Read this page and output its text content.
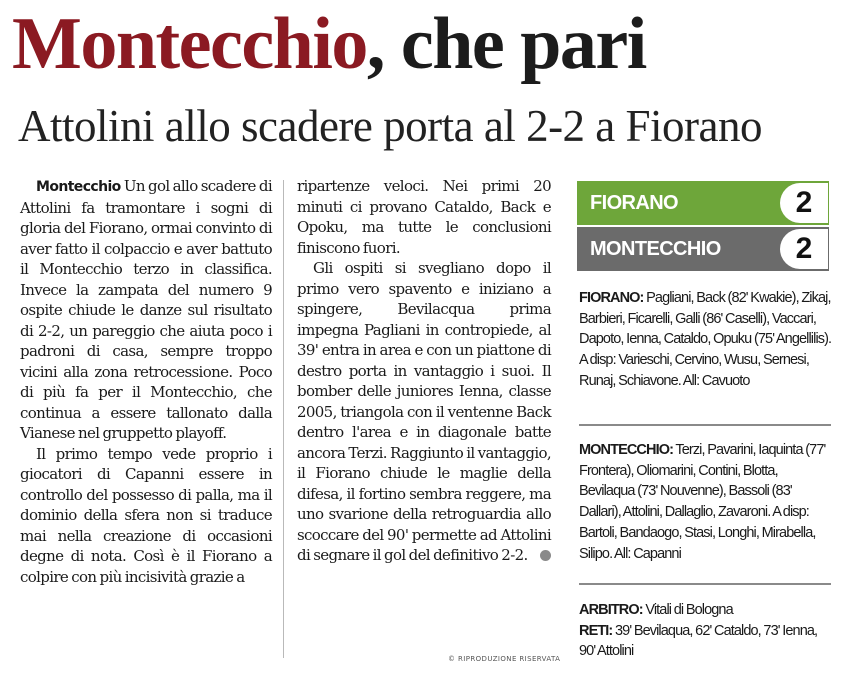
Montecchio, che pari
Attolini allo scadere porta al 2-2 a Fiorano

Montecchio Un gol allo scadere di Attolini fa tramontare i sogni di gloria del Fiorano, ormai convinto di aver fatto il colpaccio e aver battuto il Montecchio terzo in classifica. Invece la zampata del numero 9 ospite chiude le danze sul risultato di 2-2, un pareggio che aiuta poco i padroni di casa, sempre troppo vicini alla zona retrocessione. Poco di più fa per il Montecchio, che continua a essere tallonato dalla Vianese nel gruppetto playoff.

Il primo tempo vede proprio i giocatori di Capanni essere in controllo del possesso di palla, ma il dominio della sfera non si traduce mai nella creazione di occasioni degne di nota. Così è il Fiorano a colpire con più incisività grazie a

ripartenze veloci. Nei primi 20 minuti ci provano Cataldo, Back e Opoku, ma tutte le conclusioni finiscono fuori.

Gli ospiti si svegliano dopo il primo vero spavento e iniziano a spingere, Bevilacqua prima impegna Pagliani in contropiede, al 39' entra in area e con un piattone di destro porta in vantaggio i suoi. Il bomber delle juniores Ienna, classe 2005, triangola con il ventenne Back dentro l'area e in diagonale batte ancora Terzi. Raggiunto il vantaggio, il Fiorano chiude le maglie della difesa, il fortino sembra reggere, ma uno svarione della retroguardia allo scoccare del 90' permette ad Attolini di segnare il gol del definitivo 2-2.

© RIPRODUZIONE RISERVATA
FIORANO	2
MONTECCHIO	2
FIORANO: Pagliani, Back (82' Kwakie), Zikaj, Barbieri, Ficarelli, Galli (86' Caselli), Vaccari, Dapoto, Ienna, Cataldo, Opuku (75' Angellilis). A disp: Varieschi, Cervino, Wusu, Sernesi, Runaj, Schiavone. All: Cavuoto
MONTECCHIO: Terzi, Pavarini, Iaquinta (77' Frontera), Oliomarini, Contini, Blotta, Bevilaqua (73' Nouvenne), Bassoli (83' Dallari), Attolini, Dallaglio, Zavaroni. A disp: Bartoli, Bandaogo, Stasi, Longhi, Mirabella, Silipo. All: Capanni
ARBITRO: Vitali di Bologna
RETI: 39' Bevilaqua, 62' Cataldo, 73' Ienna, 90' Attolini
